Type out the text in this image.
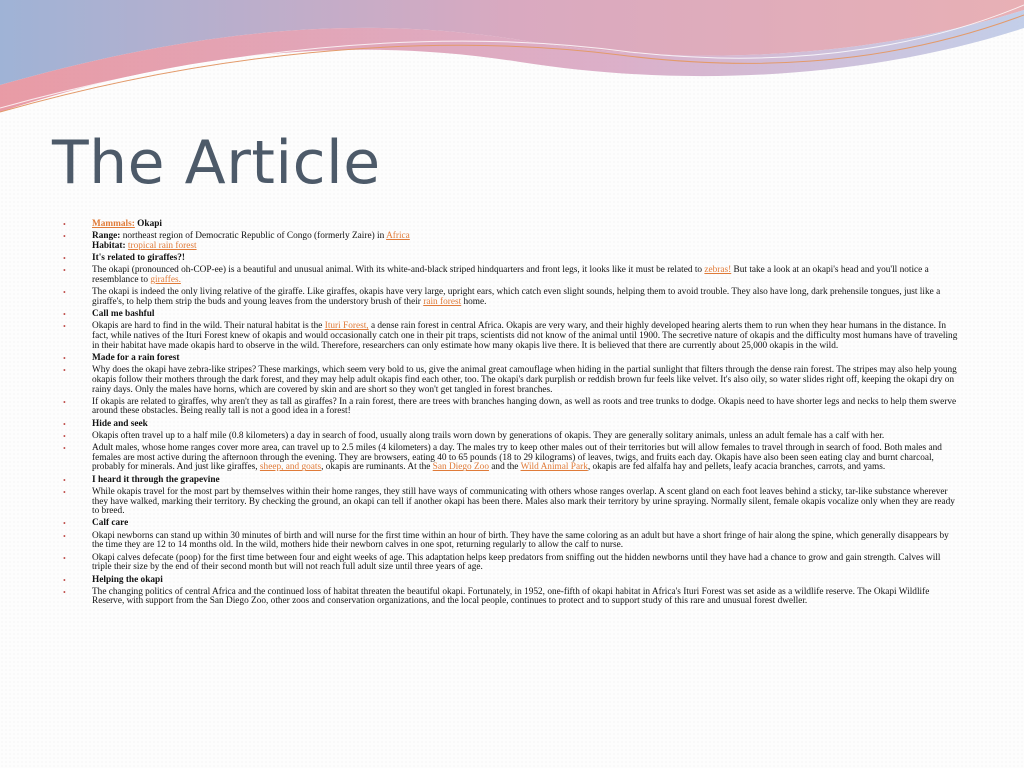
The Article
•	Mammals: Okapi
•	Range: northeast region of Democratic Republic of Congo (formerly Zaire) in Africa
Habitat: tropical rain forest
•	It's related to giraffes?!
•	The okapi (pronounced oh-COP-ee) is a beautiful and unusual animal. With its white-and-black striped hindquarters and front legs, it looks like it must be related to zebras! But take a look at an okapi's head and you'll notice a resemblance to giraffes.
•	The okapi is indeed the only living relative of the giraffe. Like giraffes, okapis have very large, upright ears, which catch even slight sounds, helping them to avoid trouble. They also have long, dark prehensile tongues, just like a giraffe's, to help them strip the buds and young leaves from the understory brush of their rain forest home.
•	Call me bashful
•	Okapis are hard to find in the wild. Their natural habitat is the Ituri Forest, a dense rain forest in central Africa. Okapis are very wary, and their highly developed hearing alerts them to run when they hear humans in the distance. In fact, while natives of the Ituri Forest knew of okapis and would occasionally catch one in their pit traps, scientists did not know of the animal until 1900. The secretive nature of okapis and the difficulty most humans have of traveling in their habitat have made okapis hard to observe in the wild. Therefore, researchers can only estimate how many okapis live there. It is believed that there are currently about 25,000 okapis in the wild.
•	Made for a rain forest
•	Why does the okapi have zebra-like stripes? These markings, which seem very bold to us, give the animal great camouflage when hiding in the partial sunlight that filters through the dense rain forest. The stripes may also help young okapis follow their mothers through the dark forest, and they may help adult okapis find each other, too. The okapi's dark purplish or reddish brown fur feels like velvet. It's also oily, so water slides right off, keeping the okapi dry on rainy days. Only the males have horns, which are covered by skin and are short so they won't get tangled in forest branches.
•	If okapis are related to giraffes, why aren't they as tall as giraffes? In a rain forest, there are trees with branches hanging down, as well as roots and tree trunks to dodge. Okapis need to have shorter legs and necks to help them swerve around these obstacles. Being really tall is not a good idea in a forest!
•	Hide and seek
•	Okapis often travel up to a half mile (0.8 kilometers) a day in search of food, usually along trails worn down by generations of okapis. They are generally solitary animals, unless an adult female has a calf with her.
•	Adult males, whose home ranges cover more area, can travel up to 2.5 miles (4 kilometers) a day. The males try to keep other males out of their territories but will allow females to travel through in search of food. Both males and females are most active during the afternoon through the evening. They are browsers, eating 40 to 65 pounds (18 to 29 kilograms) of leaves, twigs, and fruits each day. Okapis have also been seen eating clay and burnt charcoal, probably for minerals. And just like giraffes, sheep, and goats, okapis are ruminants. At the San Diego Zoo and the Wild Animal Park, okapis are fed alfalfa hay and pellets, leafy acacia branches, carrots, and yams.
•	I heard it through the grapevine
•	While okapis travel for the most part by themselves within their home ranges, they still have ways of communicating with others whose ranges overlap. A scent gland on each foot leaves behind a sticky, tar-like substance wherever they have walked, marking their territory. By checking the ground, an okapi can tell if another okapi has been there. Males also mark their territory by urine spraying. Normally silent, female okapis vocalize only when they are ready to breed.
•	Calf care
•	Okapi newborns can stand up within 30 minutes of birth and will nurse for the first time within an hour of birth. They have the same coloring as an adult but have a short fringe of hair along the spine, which generally disappears by the time they are 12 to 14 months old. In the wild, mothers hide their newborn calves in one spot, returning regularly to allow the calf to nurse.
•	Okapi calves defecate (poop) for the first time between four and eight weeks of age. This adaptation helps keep predators from sniffing out the hidden newborns until they have had a chance to grow and gain strength. Calves will triple their size by the end of their second month but will not reach full adult size until three years of age.
•	Helping the okapi
•	The changing politics of central Africa and the continued loss of habitat threaten the beautiful okapi. Fortunately, in 1952, one-fifth of okapi habitat in Africa's Ituri Forest was set aside as a wildlife reserve. The Okapi Wildlife Reserve, with support from the San Diego Zoo, other zoos and conservation organizations, and the local people, continues to protect and to support study of this rare and unusual forest dweller.
